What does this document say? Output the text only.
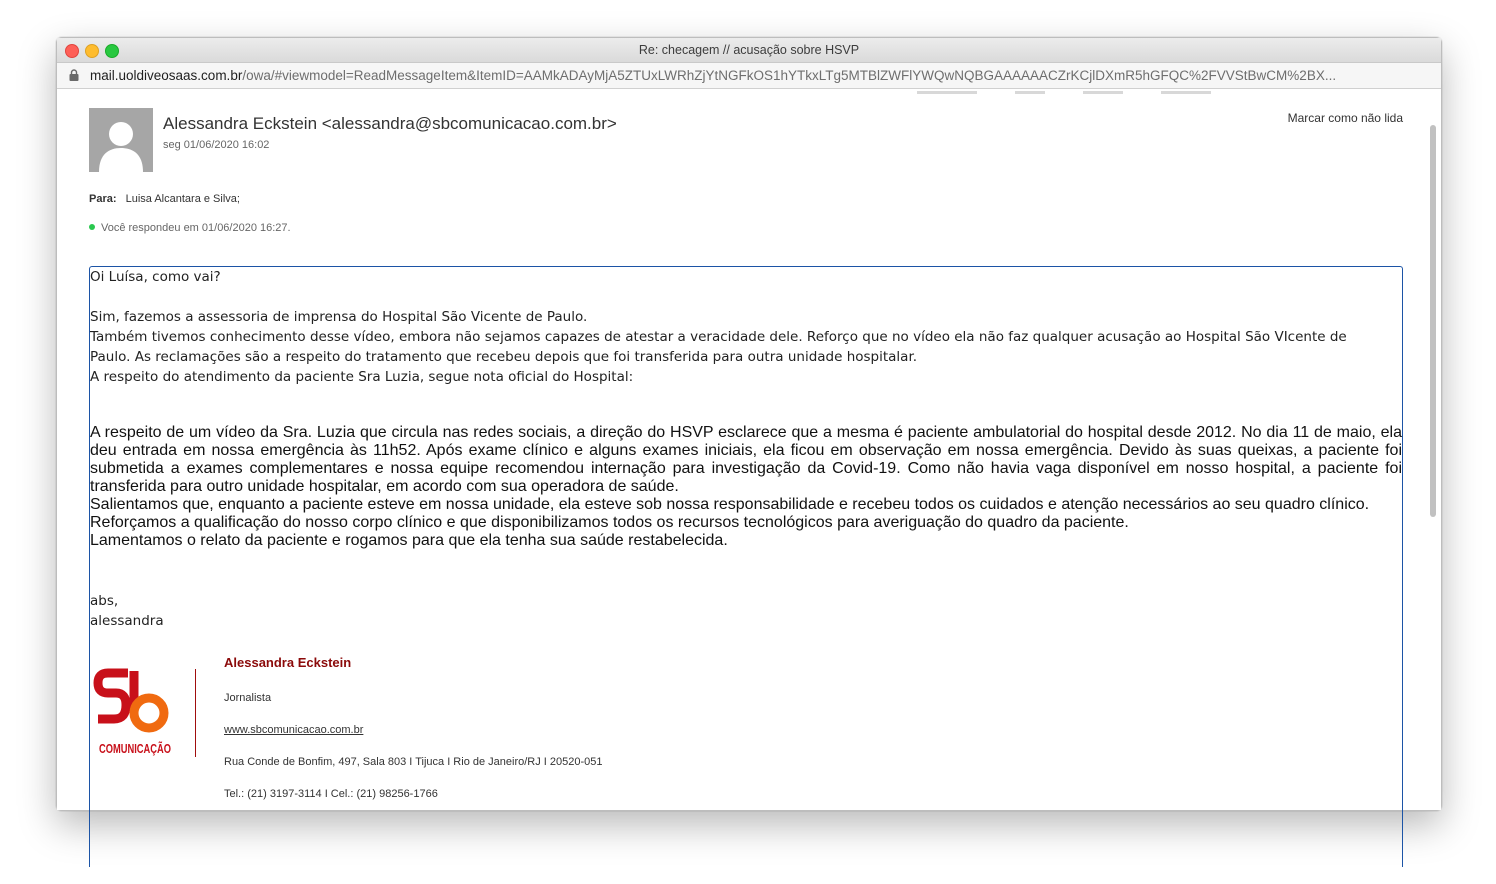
Re: checagem // acusação sobre HSVP
mail.uoldiveosaas.com.br/owa/#viewmodel=ReadMessageItem&ItemID=AAMkADAyMjA5ZTUxLWRhZjYtNGFkOS1hYTkxLTg5MTBlZWFlYWQwNQBGAAAAAACZrKCjlDXmR5hGFQC%2FVVStBwCM%2BX...
Alessandra Eckstein <alessandra@sbcomunicacao.com.br>
seg 01/06/2020 16:02
Marcar como não lida
Para: Luisa Alcantara e Silva;
Você respondeu em 01/06/2020 16:27.

Oi Luísa, como vai?

Sim, fazemos a assessoria de imprensa do Hospital São Vicente de Paulo.

Também tivemos conhecimento desse vídeo, embora não sejamos capazes de atestar a veracidade dele. Reforço que no vídeo ela não faz qualquer acusação ao Hospital São VIcente de Paulo. As reclamações são a respeito do tratamento que recebeu depois que foi transferida para outra unidade hospitalar.

A respeito do atendimento da paciente Sra Luzia, segue nota oficial do Hospital:

A respeito de um vídeo da Sra. Luzia que circula nas redes sociais, a direção do HSVP esclarece que a mesma é paciente ambulatorial do hospital desde 2012. No dia 11 de maio, ela deu entrada em nossa emergência às 11h52. Após exame clínico e alguns exames iniciais, ela ficou em observação em nossa emergência. Devido às suas queixas, a paciente foi submetida a exames complementares e nossa equipe recomendou internação para investigação da Covid-19. Como não havia vaga disponível em nosso hospital, a paciente foi transferida para outro unidade hospitalar, em acordo com sua operadora de saúde.

Salientamos que, enquanto a paciente esteve em nossa unidade, ela esteve sob nossa responsabilidade e recebeu todos os cuidados e atenção necessários ao seu quadro clínico.

Reforçamos a qualificação do nosso corpo clínico e que disponibilizamos todos os recursos tecnológicos para averiguação do quadro da paciente.

Lamentamos o relato da paciente e rogamos para que ela tenha sua saúde restabelecida.

abs,

alessandra

COMUNICAÇÃO
Alessandra Eckstein
Jornalista
www.sbcomunicacao.com.br
Rua Conde de Bonfim, 497, Sala 803 I Tijuca I Rio de Janeiro/RJ I 20520-051
Tel.: (21) 3197-3114 I Cel.: (21) 98256-1766
